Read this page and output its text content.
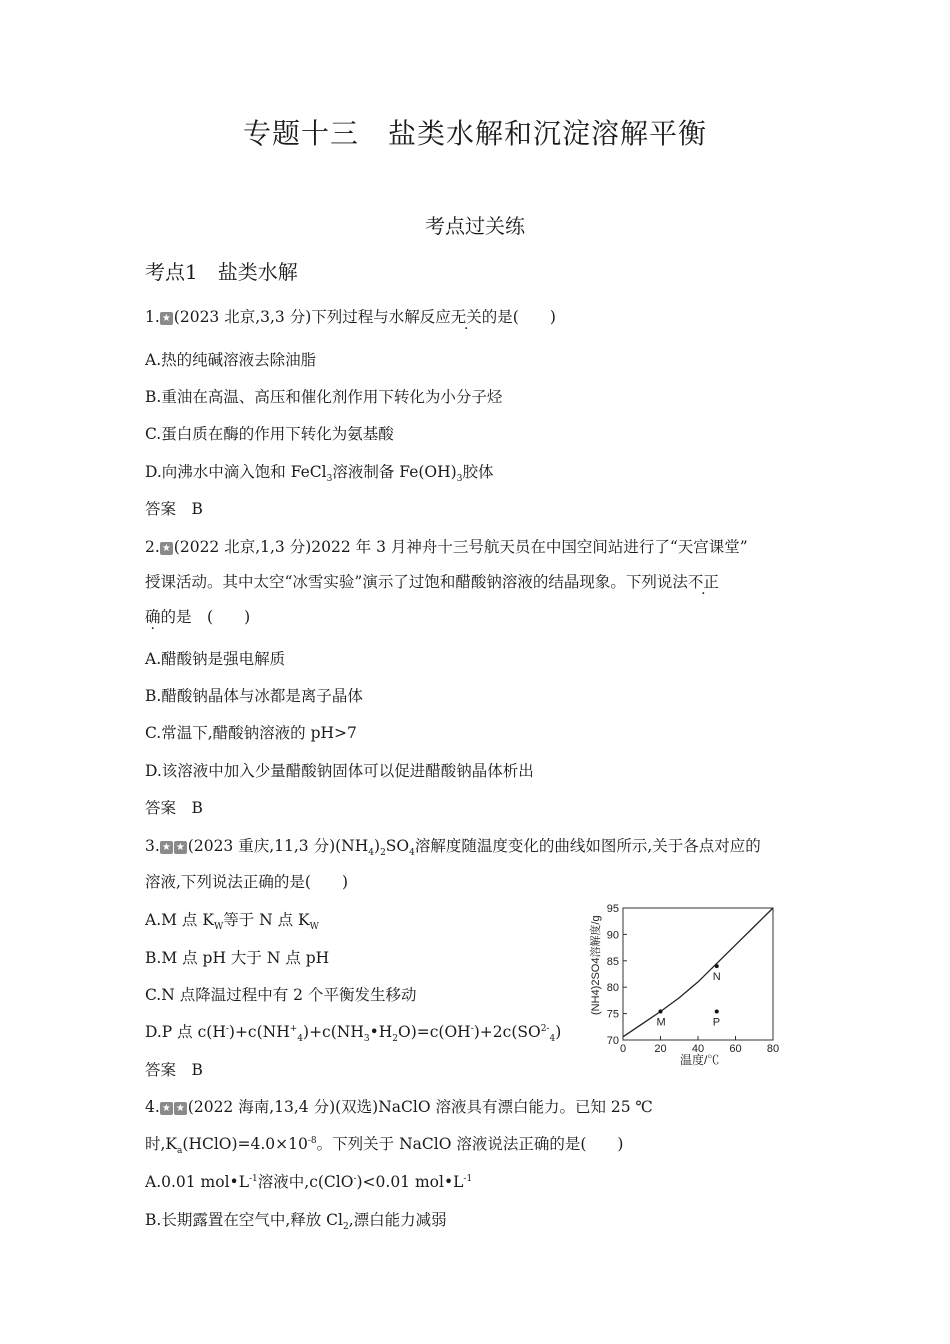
专题十三　盐类水解和沉淀溶解平衡
考点过关练
考点1　盐类水解
1. ★ (2023 北京,3,3 分)下列过程与水解反应无关的是(　　)
A.热的纯碱溶液去除油脂
B.重油在高温、高压和催化剂作用下转化为小分子烃
C.蛋白质在酶的作用下转化为氨基酸
D.向沸水中滴入饱和 FeCl$_3$溶液制备 $Fe(OH)_3$胶体
答案　B
2. ★ (2022 北京,1,3 分)2022 年 3 月神舟十三号航天员在中国空间站进行了“天宫课堂”
授课活动。其中太空“冰雪实验”演示了过饱和醋酸钠溶液的结晶现象。下列说法不正
确的是　(　　)
A.醋酸钠是强电解质
B.醋酸钠晶体与冰都是离子晶体
C.常温下,醋酸钠溶液的 pH>7
D.该溶液中加入少量醋酸钠固体可以促进醋酸钠晶体析出
答案　B
3. ★ ★ (2023 重庆,11,3 分)$(NH_4)_2SO_4$溶解度随温度变化的曲线如图所示,关于各点对应的
溶液,下列说法正确的是(　　)
A.M 点 $K_W$等于 N 点 $K_W$
B.M 点 pH 大于 N 点 pH
C.N 点降温过程中有 2 个平衡发生移动
D.P 点 $c(H^-)+c(NH^+_4)+c(NH_3•H_2O)=c(OH^-)+2c(SO^{2-}_4)$
答案　B
70
75
80
85
90
95
0	20 40 60 80
M
N
P
(NH4)2SO4溶解度/g
温度/℃
4. ★ ★ (2022 海南,13,4 分)(双选)NaClO 溶液具有漂白能力。已知 25 ℃
时$,K_a(HClO)=4.0\times 10^{-8}$。下列关于 NaClO 溶液说法正确的是(　　)
A.0.01 $mol•L^{-1}$溶液中,c(ClO-)<0.01 $mol•L^{-1}$
B.长期露置在空气中,释放 $Cl_2$,漂白能力减弱
